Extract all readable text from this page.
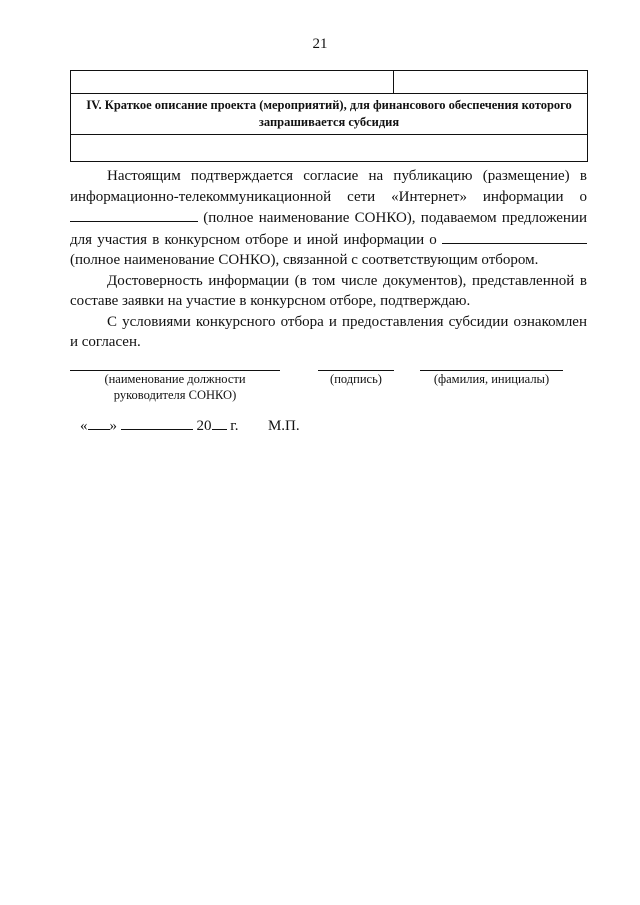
21

IV. Краткое описание проекта (мероприятий), для финансового обеспечения которого запрашивается субсидия

Настоящим подтверждается согласие на публикацию (размещение) в информационно-телекоммуникационной сети «Интернет» информации о  (полное наименование СОНКО), подаваемом предложении для участия в конкурсном отборе и иной информации о  (полное наименование СОНКО), связанной с соответствующим отбором.

Достоверность информации (в том числе документов), представленной в составе заявки на участие в конкурсном отборе, подтверждаю.

С условиями конкурсного отбора и предоставления субсидии ознакомлен и согласен.

(наименование должности руководителя СОНКО)
(подпись)	(фамилия, инициалы)
« »	20 г. М.П.
